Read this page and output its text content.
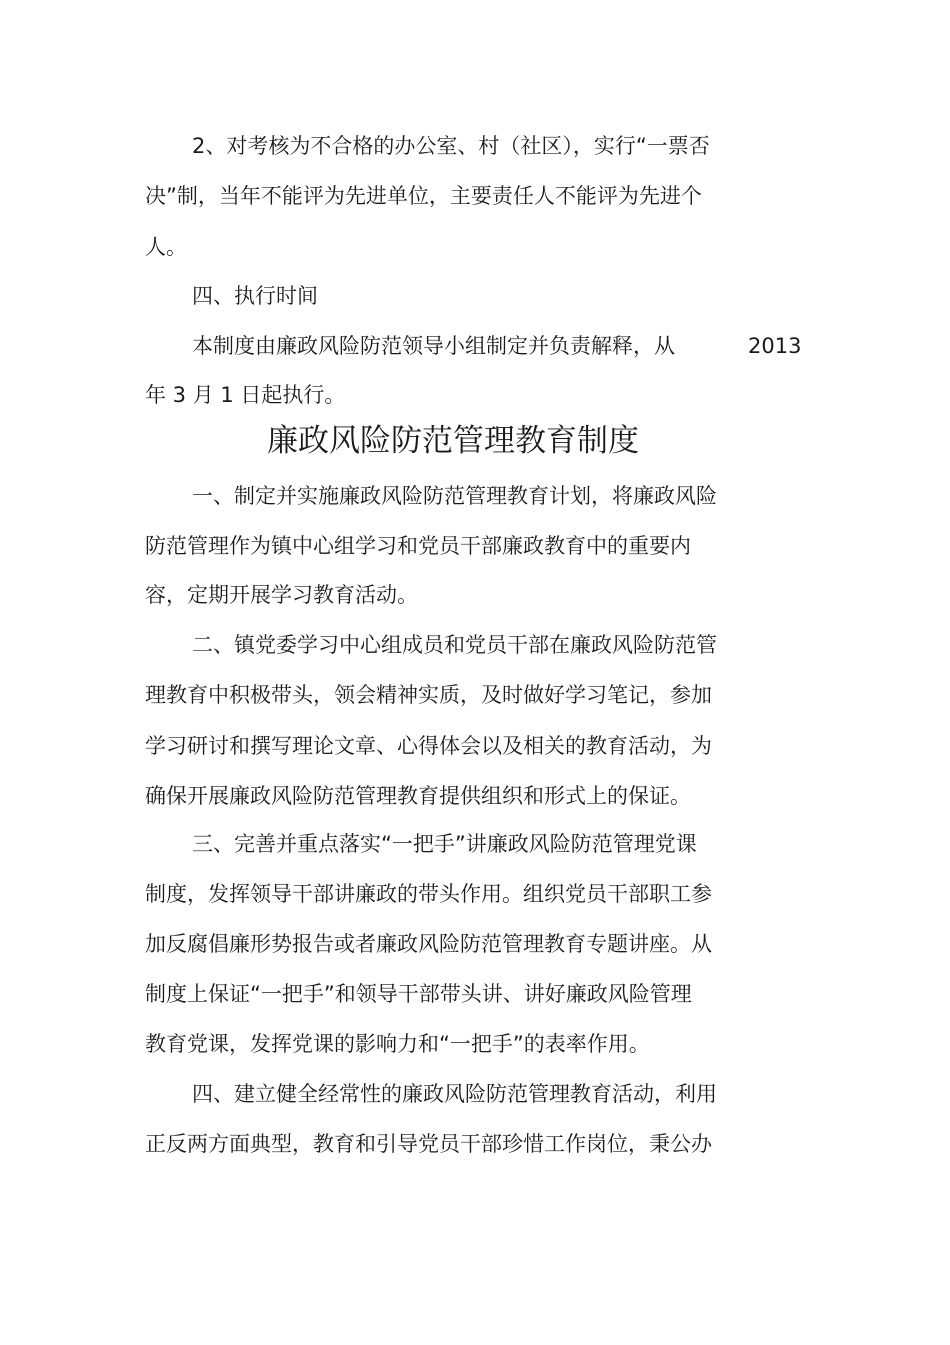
2、对考核为不合格的办公室、村（社区），实行“一票否
决”制，当年不能评为先进单位，主要责任人不能评为先进个
人。
四、执行时间
本制度由廉政风险防范领导小组制定并负责解释，从	2013
年 3 月 1 日起执行。
廉政风险防范管理教育制度
一、制定并实施廉政风险防范管理教育计划，将廉政风险
防范管理作为镇中心组学习和党员干部廉政教育中的重要内
容，定期开展学习教育活动。
二、镇党委学习中心组成员和党员干部在廉政风险防范管
理教育中积极带头，领会精神实质，及时做好学习笔记，参加
学习研讨和撰写理论文章、心得体会以及相关的教育活动，为
确保开展廉政风险防范管理教育提供组织和形式上的保证。
三、完善并重点落实“一把手”讲廉政风险防范管理党课
制度，发挥领导干部讲廉政的带头作用。组织党员干部职工参
加反腐倡廉形势报告或者廉政风险防范管理教育专题讲座。从
制度上保证“一把手”和领导干部带头讲、讲好廉政风险管理
教育党课，发挥党课的影响力和“一把手”的表率作用。
四、建立健全经常性的廉政风险防范管理教育活动，利用
正反两方面典型，教育和引导党员干部珍惜工作岗位，秉公办
